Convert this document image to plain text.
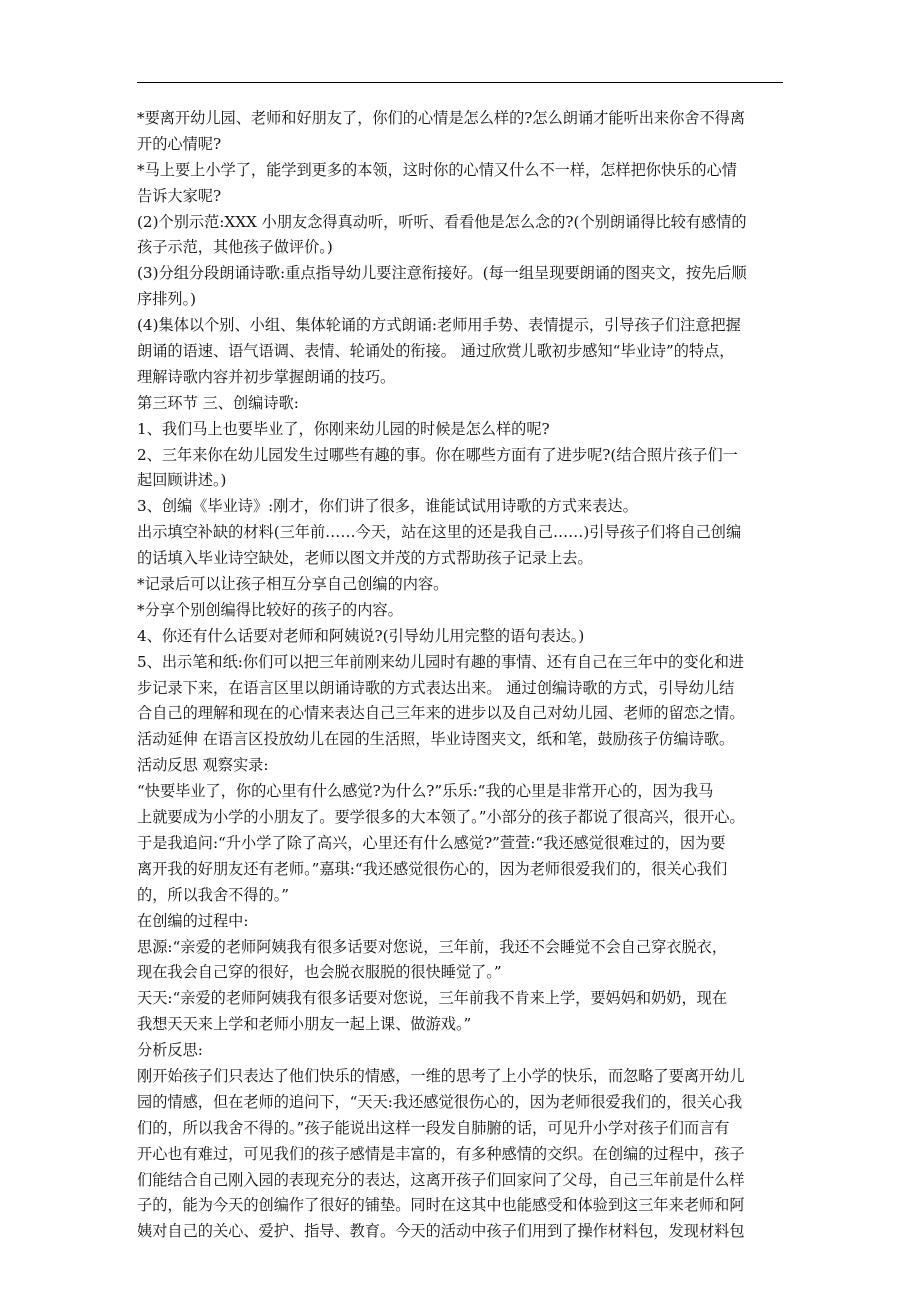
*要离开幼儿园、老师和好朋友了，你们的心情是怎么样的?怎么朗诵才能听出来你舍不得离
开的心情呢?
*马上要上小学了，能学到更多的本领，这时你的心情又什么不一样，怎样把你快乐的心情
告诉大家呢?
(2)个别示范:XXX 小朋友念得真动听，听听、看看他是怎么念的?(个别朗诵得比较有感情的
孩子示范，其他孩子做评价。)
(3)分组分段朗诵诗歌:重点指导幼儿要注意衔接好。(每一组呈现要朗诵的图夹文，按先后顺
序排列。)
(4)集体以个别、小组、集体轮诵的方式朗诵:老师用手势、表情提示，引导孩子们注意把握
朗诵的语速、语气语调、表情、轮诵处的衔接。 通过欣赏儿歌初步感知“毕业诗”的特点，
理解诗歌内容并初步掌握朗诵的技巧。
第三环节 三、创编诗歌:
1、我们马上也要毕业了，你刚来幼儿园的时候是怎么样的呢?
2、三年来你在幼儿园发生过哪些有趣的事。你在哪些方面有了进步呢?(结合照片孩子们一
起回顾讲述。)
3、创编《毕业诗》:刚才，你们讲了很多，谁能试试用诗歌的方式来表达。
出示填空补缺的材料(三年前……今天，站在这里的还是我自己……)引导孩子们将自己创编
的话填入毕业诗空缺处，老师以图文并茂的方式帮助孩子记录上去。
*记录后可以让孩子相互分享自己创编的内容。
*分享个别创编得比较好的孩子的内容。
4、你还有什么话要对老师和阿姨说?(引导幼儿用完整的语句表达。)
5、出示笔和纸:你们可以把三年前刚来幼儿园时有趣的事情、还有自己在三年中的变化和进
步记录下来，在语言区里以朗诵诗歌的方式表达出来。 通过创编诗歌的方式，引导幼儿结
合自己的理解和现在的心情来表达自己三年来的进步以及自己对幼儿园、老师的留恋之情。
活动延伸 在语言区投放幼儿在园的生活照，毕业诗图夹文，纸和笔，鼓励孩子仿编诗歌。
活动反思 观察实录:
“快要毕业了，你的心里有什么感觉?为什么?”乐乐:“我的心里是非常开心的，因为我马
上就要成为小学的小朋友了。要学很多的大本领了。”小部分的孩子都说了很高兴，很开心。
于是我追问:“升小学了除了高兴，心里还有什么感觉?”萱萱:“我还感觉很难过的，因为要
离开我的好朋友还有老师。”嘉琪:“我还感觉很伤心的，因为老师很爱我们的，很关心我们
的，所以我舍不得的。”
在创编的过程中:
思源:“亲爱的老师阿姨我有很多话要对您说，三年前，我还不会睡觉不会自己穿衣脱衣，
现在我会自己穿的很好，也会脱衣服脱的很快睡觉了。”
天天:“亲爱的老师阿姨我有很多话要对您说，三年前我不肯来上学，要妈妈和奶奶，现在
我想天天来上学和老师小朋友一起上课、做游戏。”
分析反思:
刚开始孩子们只表达了他们快乐的情感，一维的思考了上小学的快乐，而忽略了要离开幼儿
园的情感，但在老师的追问下，“天天:我还感觉很伤心的，因为老师很爱我们的，很关心我
们的，所以我舍不得的。”孩子能说出这样一段发自肺腑的话，可见升小学对孩子们而言有
开心也有难过，可见我们的孩子感情是丰富的，有多种感情的交织。在创编的过程中，孩子
们能结合自己刚入园的表现充分的表达，这离开孩子们回家问了父母，自己三年前是什么样
子的，能为今天的创编作了很好的铺垫。同时在这其中也能感受和体验到这三年来老师和阿
姨对自己的关心、爱护、指导、教育。今天的活动中孩子们用到了操作材料包，发现材料包
